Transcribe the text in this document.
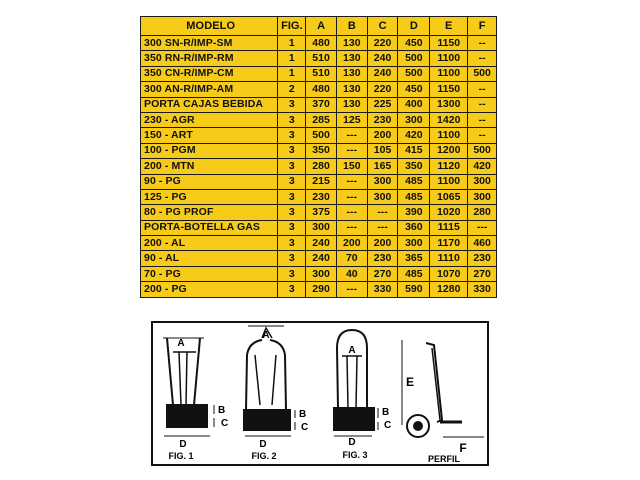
MODELO	FIG.	A	B	C	D	E	F
300 SN-R/IMP-SM	1	480	130	220	450	1150	--
350 RN-R/IMP-RM	1	510	130	240	500	1100	--
350 CN-R/IMP-CM	1	510	130	240	500	1100	500
300 AN-R/IMP-AM	2	480	130	220	450	1150	--
PORTA CAJAS BEBIDA	3	370	130	225	400	1300	--
230 - AGR	3	285	125	230	300	1420	--
150 - ART	3	500	---	200	420	1100	--
100 - PGM	3	350	---	105	415	1200	500
200 - MTN	3	280	150	165	350	1120	420
90 - PG	3	215	---	300	485	1100	300
125 - PG	3	230	---	300	485	1065	300
80 - PG PROF	3	375	---	---	390	1020	280
PORTA-BOTELLA GAS	3	300	---	---	360	1115	---
200 - AL	3	240	200	200	300	1170	460
90 - AL	3	240	70	230	365	1110	230
70 - PG	3	300	40	270	485	1070	270
200 - PG	3	290	---	330	590	1280	330
A
B
C
D
FIG. 1
A
B
C
D
FIG. 2
A
B
C
D
FIG. 3
E
F
PERFIL
